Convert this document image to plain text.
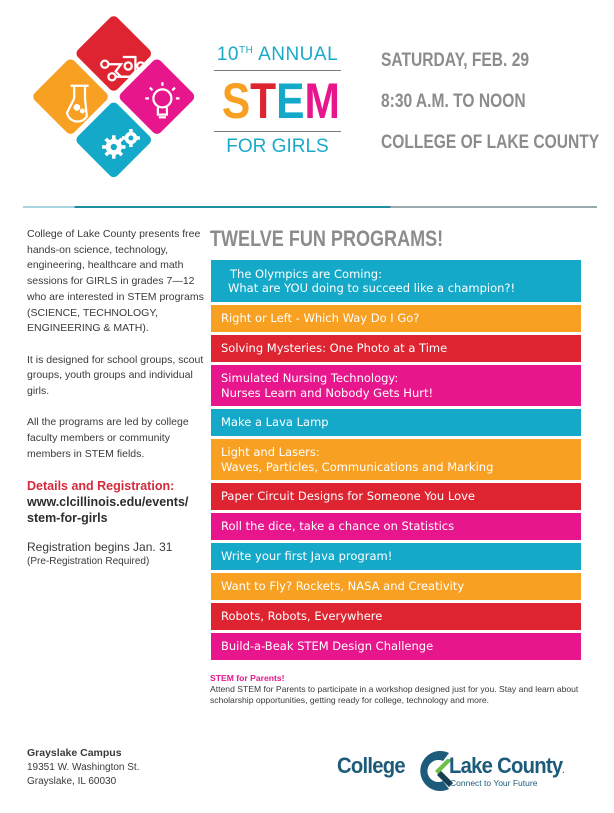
10TH ANNUAL
S T E M
FOR GIRLS
SATURDAY, FEB. 29
8:30 A.M. TO NOON
COLLEGE OF LAKE COUNTY

College of Lake County presents free hands-on science, technology, engineering, healthcare and math sessions for GIRLS in grades 7—12 who are interested in STEM programs (SCIENCE, TECHNOLOGY, ENGINEERING & MATH).

It is designed for school groups, scout groups, youth groups and individual girls.

All the programs are led by college faculty members or community members in STEM fields.

Details and Registration:
www.clcillinois.edu/events/ stem-for-girls
Registration begins Jan. 31
(Pre-Registration Required)
TWELVE FUN PROGRAMS!
The Olympics are Coming:
What are YOU doing to succeed like a champion?!
Right or Left - Which Way Do I Go?
Solving Mysteries: One Photo at a Time
Simulated Nursing Technology:
Nurses Learn and Nobody Gets Hurt!
Make a Lava Lamp
Light and Lasers:
Waves, Particles, Communications and Marking
Paper Circuit Designs for Someone You Love
Roll the dice, take a chance on Statistics
Write your first Java program!
Want to Fly? Rockets, NASA and Creativity
Robots, Robots, Everywhere
Build-a-Beak STEM Design Challenge
STEM for Parents!
Attend STEM for Parents to participate in a workshop designed just for you. Stay and learn about scholarship opportunities, getting ready for college, technology and more.
Grayslake Campus
19351 W. Washington St.
Grayslake, IL 60030
College Lake County.
Connect to Your Future
